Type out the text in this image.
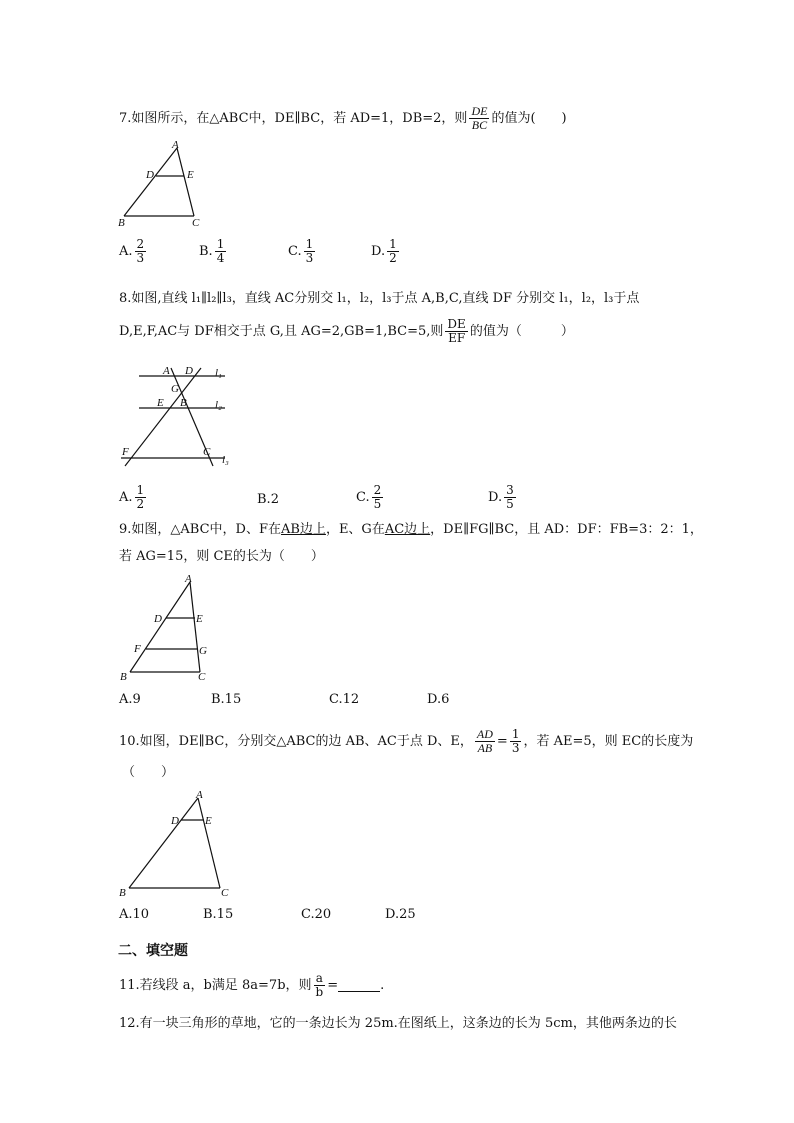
7.如图所示，在△ABC中，DE∥BC，若 AD=1，DB=2，则 $\frac{DE}{BC}$ 的值为(　　)
A
D	E
B	C
A. $\frac{2}{3}$	B. $\frac{1}{4}$	C. $\frac{1}{3}$	D. $\frac{1}{2}$
8.如图,直线 l₁∥l₂∥l₃，直线 AC分别交 l₁，l₂，l₃于点 A,B,C,直线 DF 分别交 l₁，l₂，l₃于点
D,E,F,AC与 DF相交于点 G,且 AG=2,GB=1,BC=5,则 $\frac{DE}{EF}$ 的值为（　　　）
A D
G
E B
F	C
l₁
l₂
l₃
A. $\frac{1}{2}$	B. 2	C. $\frac{2}{5}$	D. $\frac{3}{5}$
9.如图，△ABC中，D、F在AB边上，E、G在AC边上，DE∥FG∥BC，且 AD：DF：FB=3：2：1，
若 AG=15，则 CE的长为（　　）
A
D	E
F	G
B	C
A.9	B.15	C.12	D.6
10.如图，DE∥BC，分别交△ABC的边 AB、AC于点 D、E， $\frac{AD}{AB} = \frac{1}{3}$ ，若 AE=5，则 EC的长度为
（　　）
A
D E
B	C
A.10	B.15	C.20	D.25
二、填空题
11.若线段 a，b满足 8a=7b，则 $\frac{a}{b}$ =	.
12.有一块三角形的草地，它的一条边长为 25m.在图纸上，这条边的长为 5cm，其他两条边的长
